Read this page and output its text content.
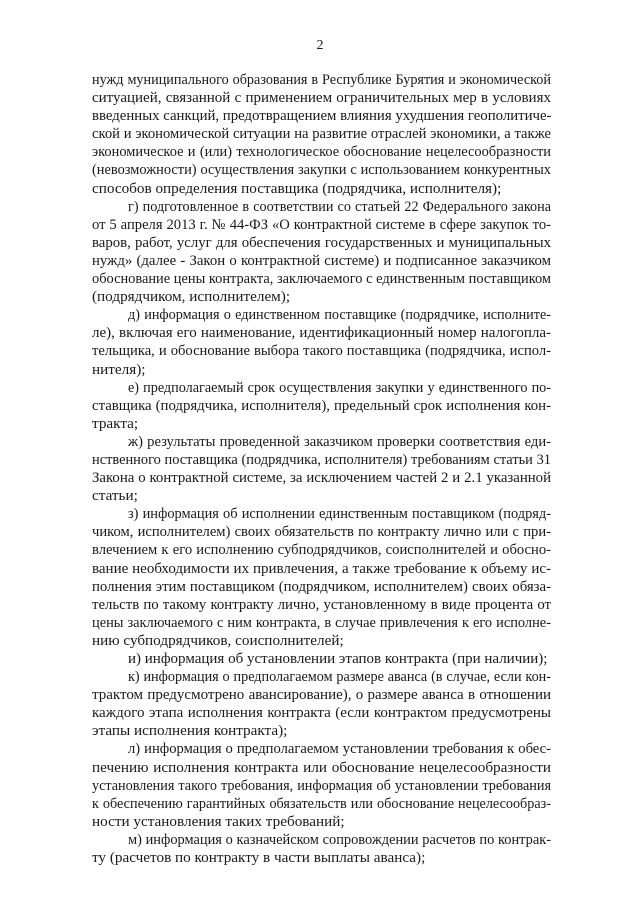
2
нужд муниципального образования в Республике Бурятия и экономической
ситуацией, связанной с применением ограничительных мер в условиях
введенных санкций, предотвращением влияния ухудшения геополитиче-
ской и экономической ситуации на развитие отраслей экономики, а также
экономическое и (или) технологическое обоснование нецелесообразности
(невозможности) осуществления закупки с использованием конкурентных
способов определения поставщика (подрядчика, исполнителя);
г) подготовленное в соответствии со статьей 22 Федерального закона
от 5 апреля 2013 г. № 44-ФЗ «О контрактной системе в сфере закупок то-
варов, работ, услуг для обеспечения государственных и муниципальных
нужд» (далее - Закон о контрактной системе) и подписанное заказчиком
обоснование цены контракта, заключаемого с единственным поставщиком
(подрядчиком, исполнителем);
д) информация о единственном поставщике (подрядчике, исполните-
ле), включая его наименование, идентификационный номер налогопла-
тельщика, и обоснование выбора такого поставщика (подрядчика, испол-
нителя);
е) предполагаемый срок осуществления закупки у единственного по-
ставщика (подрядчика, исполнителя), предельный срок исполнения кон-
тракта;
ж) результаты проведенной заказчиком проверки соответствия еди-
нственного поставщика (подрядчика, исполнителя) требованиям статьи 31
Закона о контрактной системе, за исключением частей 2 и 2.1 указанной
статьи;
з) информация об исполнении единственным поставщиком (подряд-
чиком, исполнителем) своих обязательств по контракту лично или с при-
влечением к его исполнению субподрядчиков, соисполнителей и обосно-
вание необходимости их привлечения, а также требование к объему ис-
полнения этим поставщиком (подрядчиком, исполнителем) своих обяза-
тельств по такому контракту лично, установленному в виде процента от
цены заключаемого с ним контракта, в случае привлечения к его исполне-
нию субподрядчиков, соисполнителей;
и) информация об установлении этапов контракта (при наличии);
к) информация о предполагаемом размере аванса (в случае, если кон-
трактом предусмотрено авансирование), о размере аванса в отношении
каждого этапа исполнения контракта (если контрактом предусмотрены
этапы исполнения контракта);
л) информация о предполагаемом установлении требования к обес-
печению исполнения контракта или обоснование нецелесообразности
установления такого требования, информация об установлении требования
к обеспечению гарантийных обязательств или обоснование нецелесообраз-
ности установления таких требований;
м) информация о казначейском сопровождении расчетов по контрак-
ту (расчетов по контракту в части выплаты аванса);
